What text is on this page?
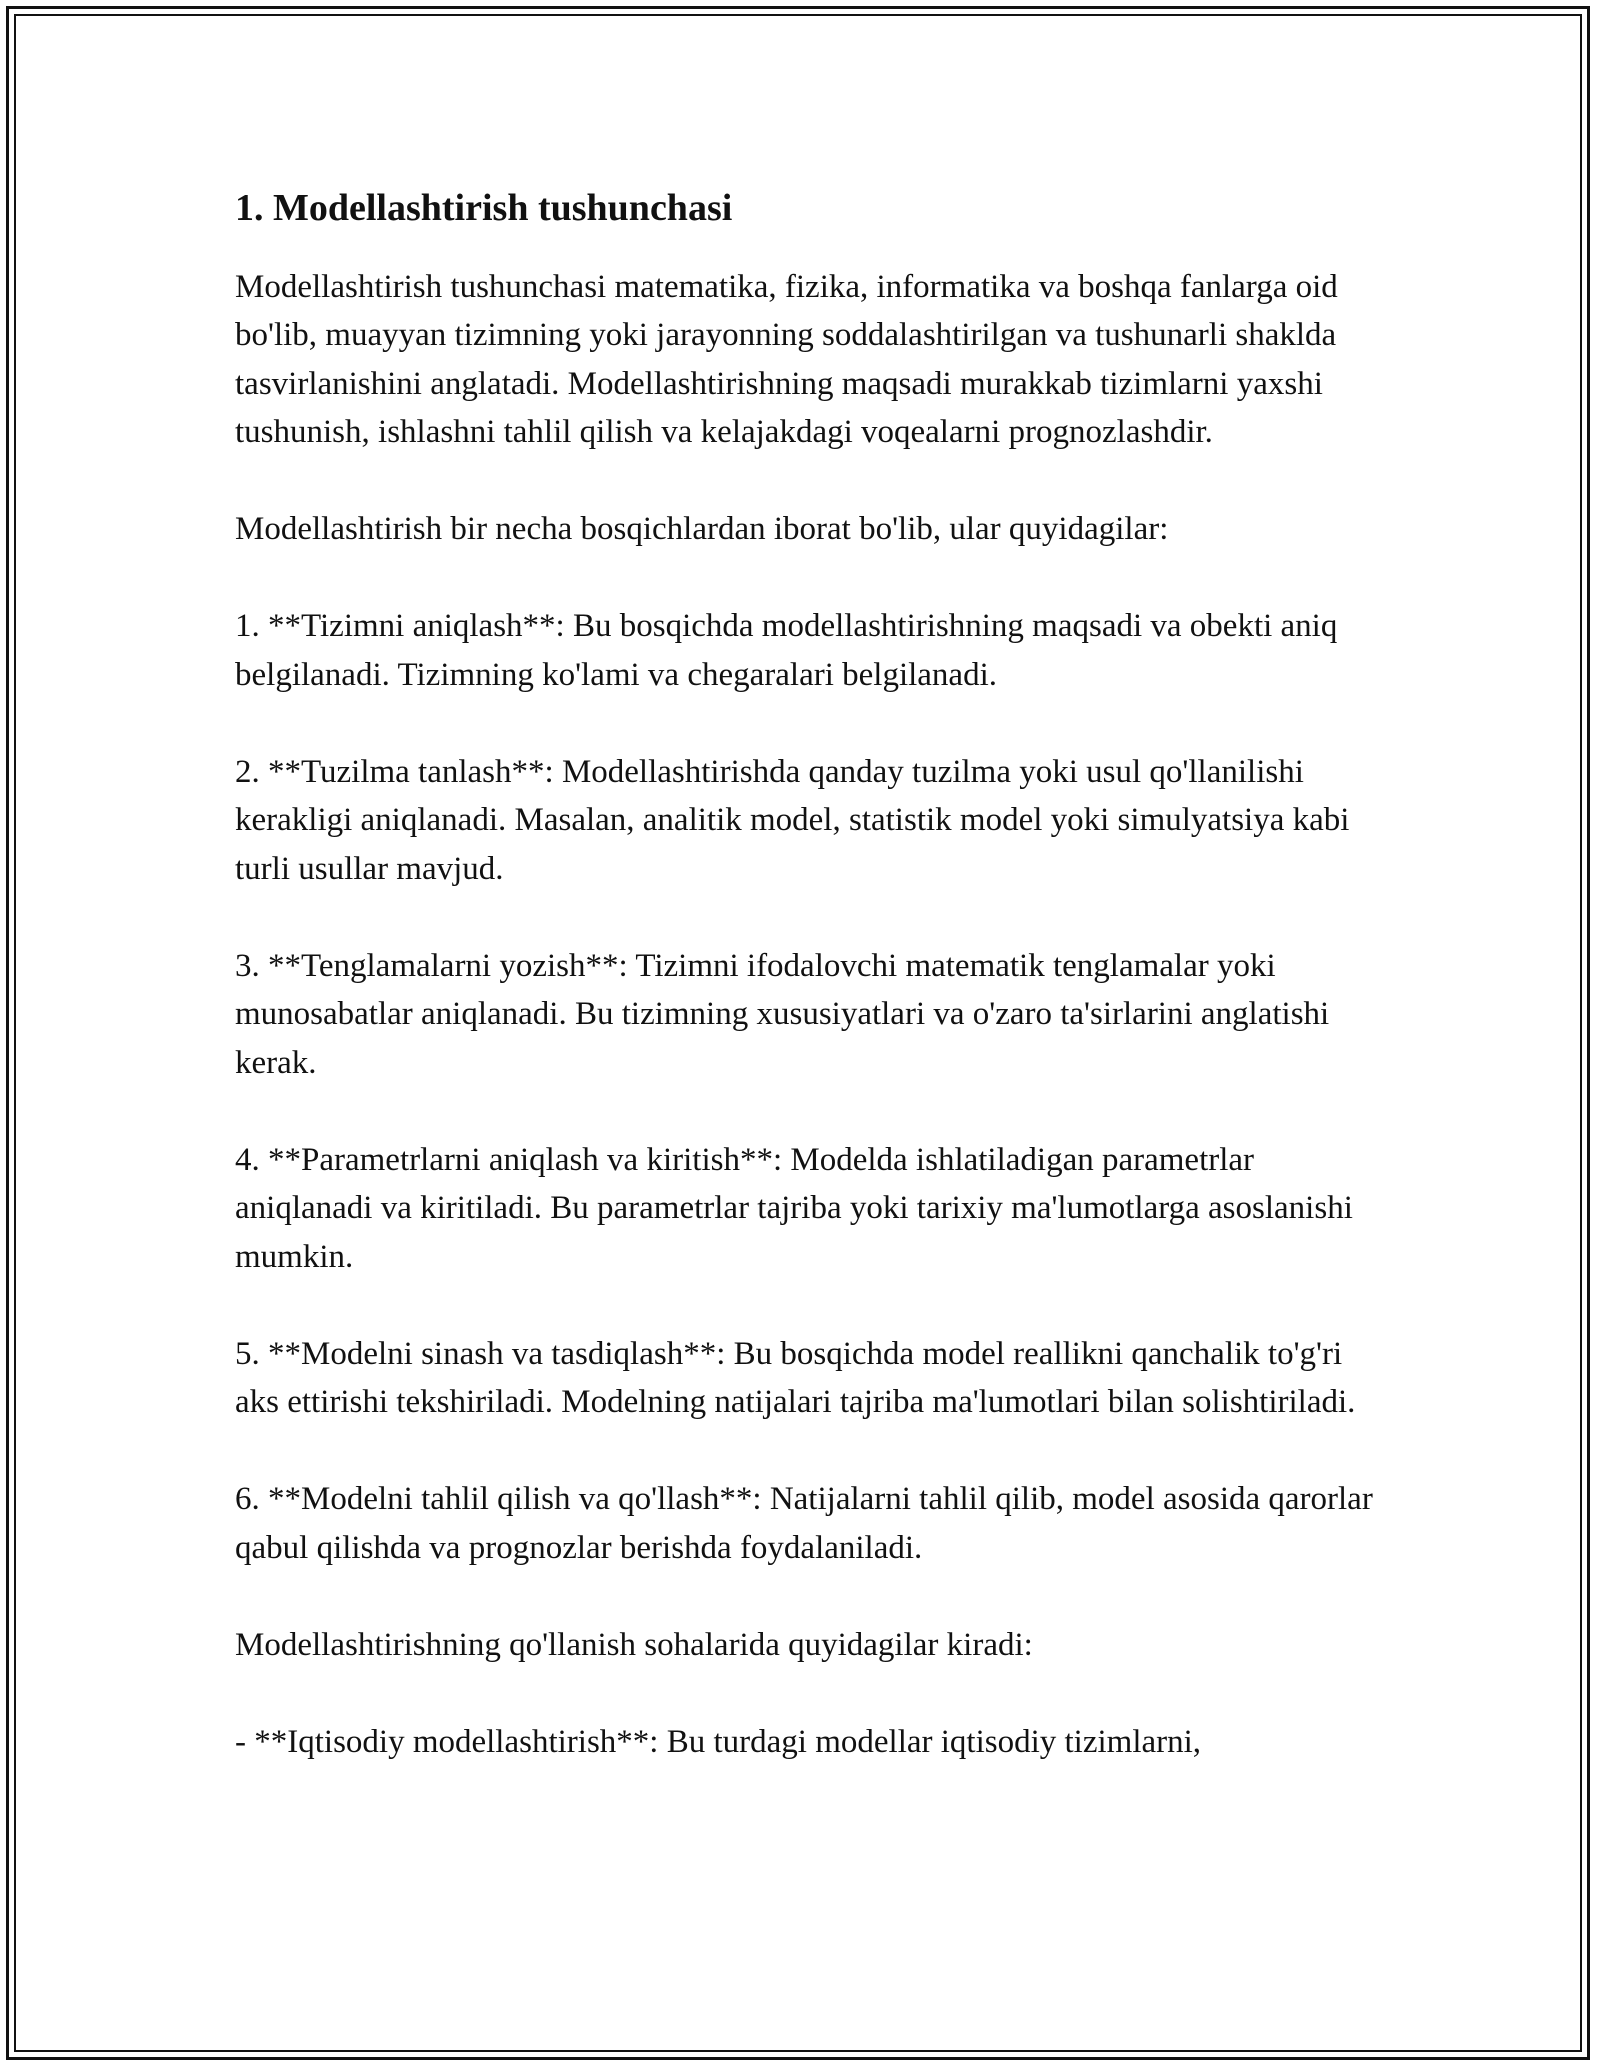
1. Modellashtirish tushunchasi

Modellashtirish tushunchasi matematika, fizika, informatika va boshqa fanlarga oid bo'lib, muayyan tizimning yoki jarayonning soddalashtirilgan va tushunarli shaklda tasvirlanishini anglatadi. Modellashtirishning maqsadi murakkab tizimlarni yaxshi tushunish, ishlashni tahlil qilish va kelajakdagi voqealarni prognozlashdir.

Modellashtirish bir necha bosqichlardan iborat bo'lib, ular quyidagilar:

1. **Tizimni aniqlash**: Bu bosqichda modellashtirishning maqsadi va obekti aniq belgilanadi. Tizimning ko'lami va chegaralari belgilanadi.

2. **Tuzilma tanlash**: Modellashtirishda qanday tuzilma yoki usul qo'llanilishi kerakligi aniqlanadi. Masalan, analitik model, statistik model yoki simulyatsiya kabi turli usullar mavjud.

3. **Tenglamalarni yozish**: Tizimni ifodalovchi matematik tenglamalar yoki munosabatlar aniqlanadi. Bu tizimning xususiyatlari va o'zaro ta'sirlarini anglatishi kerak.

4. **Parametrlarni aniqlash va kiritish**: Modelda ishlatiladigan parametrlar aniqlanadi va kiritiladi. Bu parametrlar tajriba yoki tarixiy ma'lumotlarga asoslanishi mumkin.

5. **Modelni sinash va tasdiqlash**: Bu bosqichda model reallikni qanchalik to'g'ri aks ettirishi tekshiriladi. Modelning natijalari tajriba ma'lumotlari bilan solishtiriladi.

6. **Modelni tahlil qilish va qo'llash**: Natijalarni tahlil qilib, model asosida qarorlar qabul qilishda va prognozlar berishda foydalaniladi.

Modellashtirishning qo'llanish sohalarida quyidagilar kiradi:

- **Iqtisodiy modellashtirish**: Bu turdagi modellar iqtisodiy tizimlarni,
